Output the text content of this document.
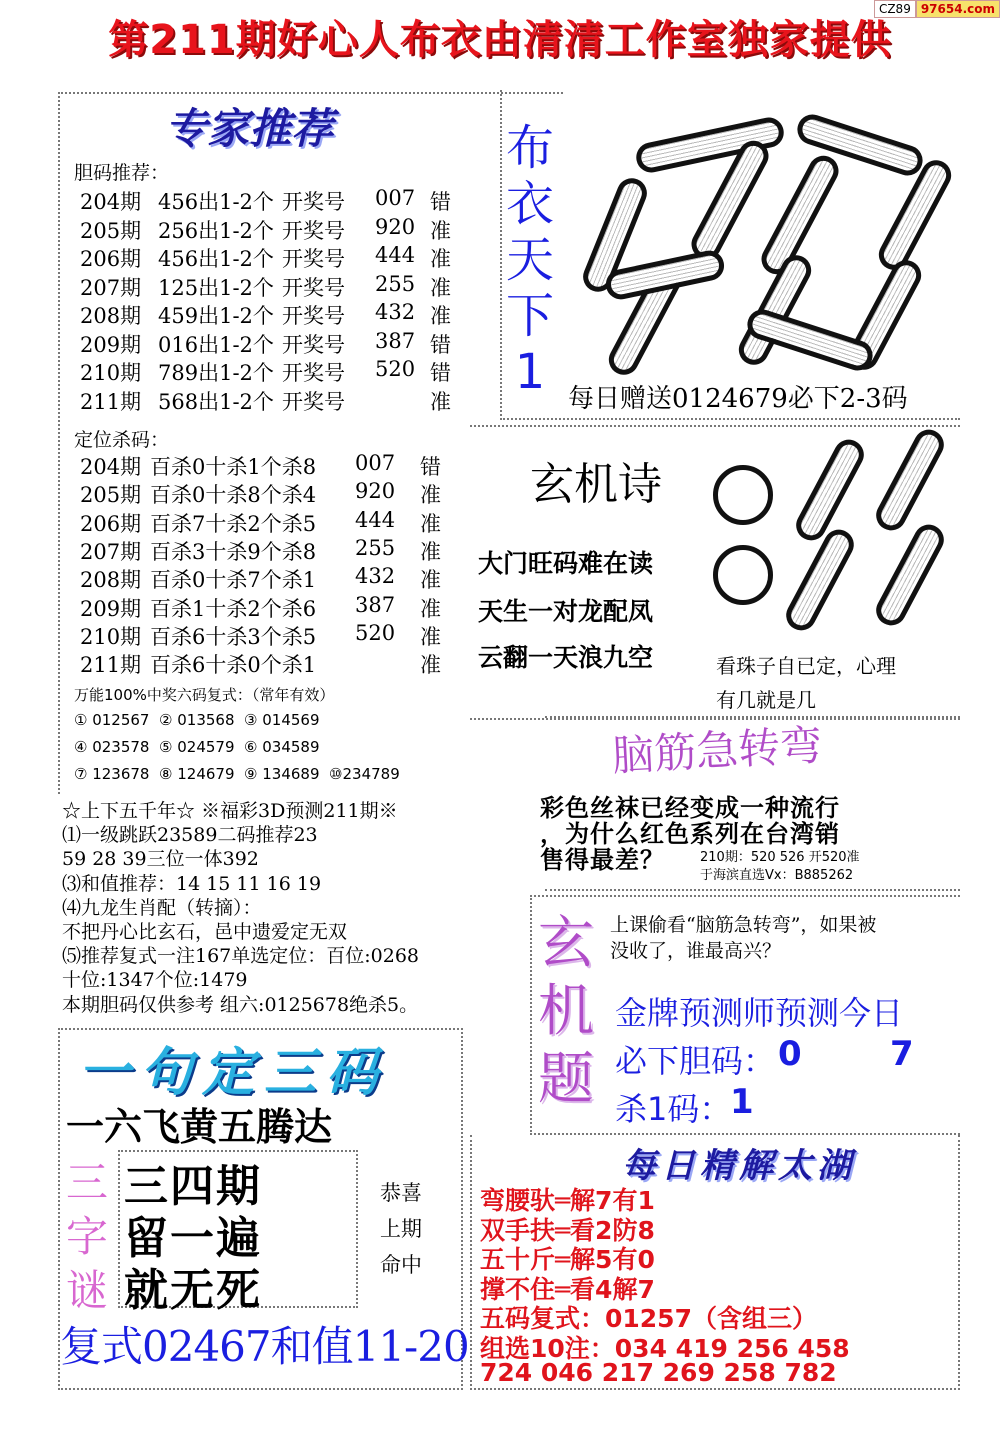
第211期好心人布衣由清清工作室独家提供
CZ89 97654.com
专家推荐
胆码推荐：
204期 456出1-2个 开奖号 007 错
205期 256出1-2个 开奖号 920 准
206期 456出1-2个 开奖号 444 准
207期 125出1-2个 开奖号 255 准
208期 459出1-2个 开奖号 432 准
209期 016出1-2个 开奖号 387 错
210期 789出1-2个 开奖号 520 错
211期 568出1-2个 开奖号	准
定位杀码：
204期 百杀0十杀1个杀8 007 错
205期 百杀0十杀8个杀4 920 准
206期 百杀7十杀2个杀5 444 准
207期 百杀3十杀9个杀8 255 准
208期 百杀0十杀7个杀1 432 准
209期 百杀1十杀2个杀6 387 准
210期 百杀6十杀3个杀5 520 准
211期 百杀6十杀0个杀1	准
万能100%中奖六码复式：（常年有效）
① 012567  ② 013568  ③ 014569
④ 023578  ⑤ 024579  ⑥ 034589
⑦ 123678  ⑧ 124679  ⑨ 134689  ⑩234789
☆上下五千年☆ ※福彩3D预测211期※
⑴一级跳跃23589二码推荐23
59 28 39三位一体392
⑶和值推荐：14 15 11 16 19
⑷九龙生肖配（转摘）：
不把丹心比玄石，邑中遗爱定无双
⑸推荐复式一注167单选定位：百位:0268
十位:1347个位:1479
本期胆码仅供参考 组六:0125678绝杀5。
布
衣
天
下
1 每日赠送0124679必下2-3码
玄机诗
大门旺码难在读
天生一对龙配凤
云翻一天浪九空	看珠子自已定，心理
有几就是几
脑筋急转弯
彩色丝袜已经变成一种流行
，为什么红色系列在台湾销
售得最差？	210期：520 526 开520准
于海滨直选Vx：B885262
玄
机
题
上课偷看“脑筋急转弯”，如果被
没收了，谁最高兴？
金牌预测师预测今日
必下胆码： 0	7
杀1码：
1
一句定三码
一六飞黄五腾达
三
字
谜
三四期
留一遍
就无死
恭喜
上期
命中
复式02467和值11-20
每日精解太湖
弯腰驮═解7有1
双手扶═看2防8
五十斤═解5有0
撑不住═看4解7
五码复式：01257（含组三）
组选10注：034 419 256 458
724 046 217 269 258 782
